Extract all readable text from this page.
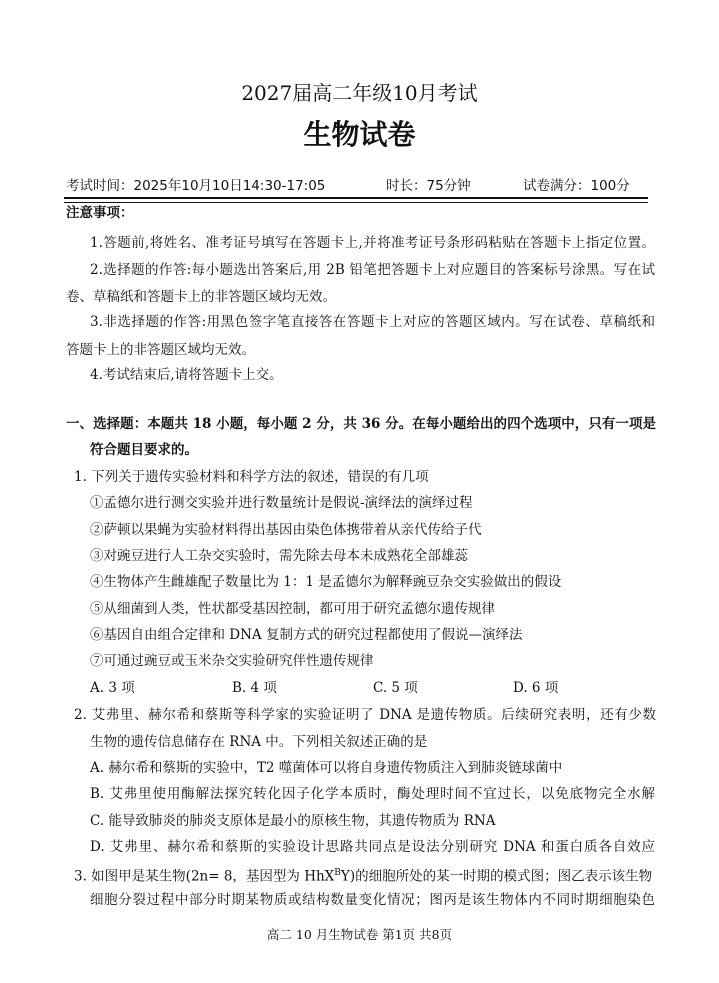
2027届高二年级10月考试
生物试卷
考试时间：2025年10月10日14:30-17:05	时长：75分钟	试卷满分：100分
注意事项：
1.答题前,将姓名、准考证号填写在答题卡上,并将准考证号条形码粘贴在答题卡上指定位置。
2.选择题的作答:每小题选出答案后,用 2B 铅笔把答题卡上对应题目的答案标号涂黑。写在试
卷、草稿纸和答题卡上的非答题区域均无效。
3.非选择题的作答:用黑色签字笔直接答在答题卡上对应的答题区域内。写在试卷、草稿纸和
答题卡上的非答题区域均无效。
4.考试结束后,请将答题卡上交。
一、选择题：本题共 18 小题，每小题 2 分，共 36 分。在每小题给出的四个选项中，只有一项是
符合题目要求的。
1. 下列关于遗传实验材料和科学方法的叙述，错误的有几项
①孟德尔进行测交实验并进行数量统计是假说-演绎法的演绎过程
②萨顿以果蝇为实验材料得出基因由染色体携带着从亲代传给子代
③对豌豆进行人工杂交实验时，需先除去母本未成熟花全部雄蕊
④生物体产生雌雄配子数量比为 1：1 是孟德尔为解释豌豆杂交实验做出的假设
⑤从细菌到人类，性状都受基因控制，都可用于研究孟德尔遗传规律
⑥基因自由组合定律和 DNA 复制方式的研究过程都使用了假说—演绎法
⑦可通过豌豆或玉米杂交实验研究伴性遗传规律
A. 3 项	B. 4 项	C. 5 项	D. 6 项
2. 艾弗里、赫尔希和蔡斯等科学家的实验证明了 DNA 是遗传物质。后续研究表明，还有少数
生物的遗传信息储存在 RNA 中。下列相关叙述正确的是
A. 赫尔希和蔡斯的实验中，T2 噬菌体可以将自身遗传物质注入到肺炎链球菌中
B. 艾弗里使用酶解法探究转化因子化学本质时，酶处理时间不宜过长，以免底物完全水解
C. 能导致肺炎的肺炎支原体是最小的原核生物，其遗传物质为 RNA
D. 艾弗里、赫尔希和蔡斯的实验设计思路共同点是设法分别研究 DNA 和蛋白质各自效应
3. 如图甲是某生物(2n= 8，基因型为 HhX$^B$Y)的细胞所处的某一时期的模式图；图乙表示该生物
细胞分裂过程中部分时期某物质或结构数量变化情况；图丙是该生物体内不同时期细胞染色
高二 10 月生物试卷 第1页 共8页
